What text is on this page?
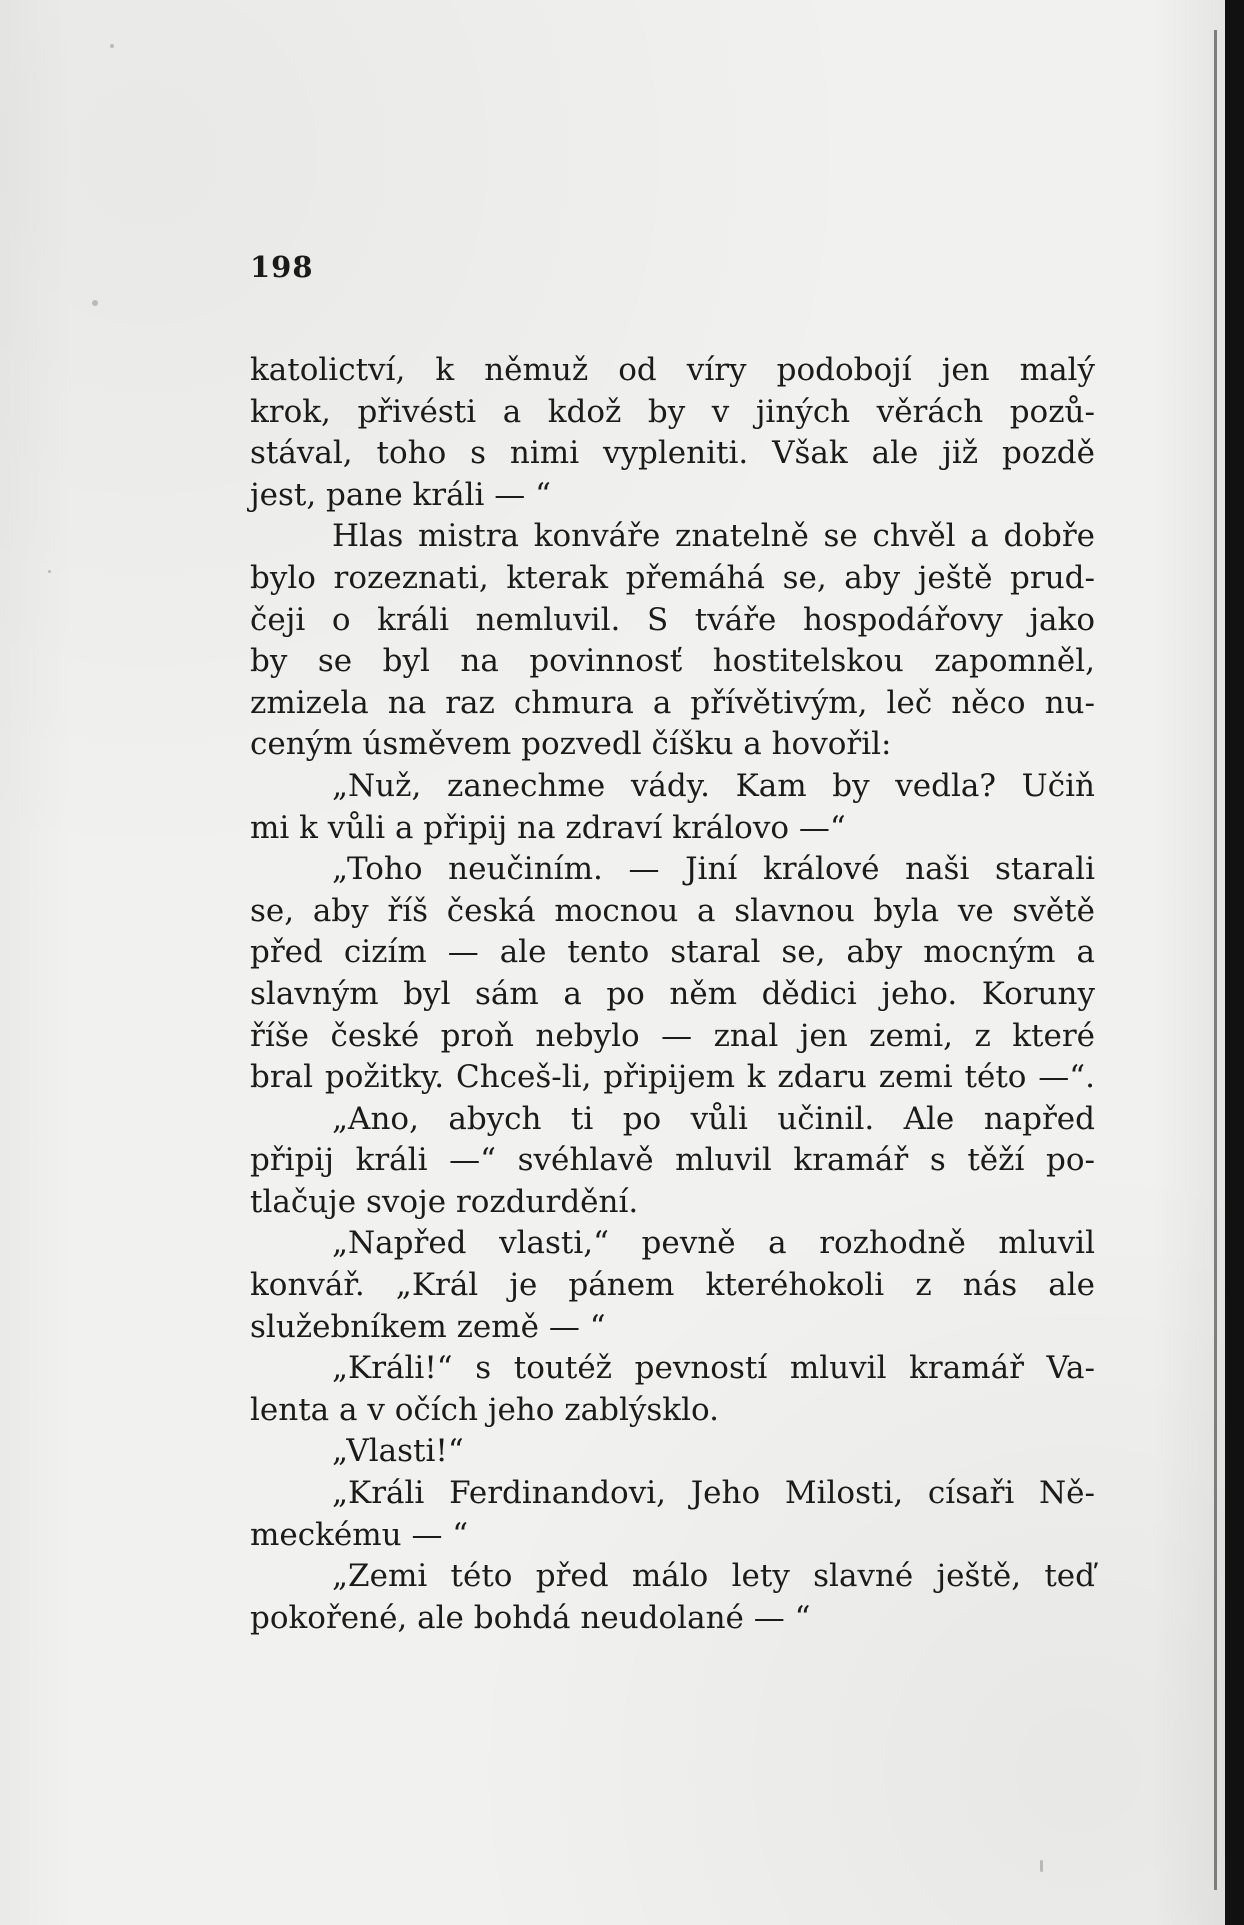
198
katolictví, k němuž od víry podobojí jen malý
krok, přivésti a kdož by v jiných věrách pozů-
stával, toho s nimi vypleniti. Však ale již pozdě
jest, pane králi — “
Hlas mistra konváře znatelně se chvěl a dobře
bylo rozeznati, kterak přemáhá se, aby ještě prud-
čeji o králi nemluvil. S tváře hospodářovy jako
by se byl na povinnosť hostitelskou zapomněl,
zmizela na raz chmura a přívětivým, leč něco nu-
ceným úsměvem pozvedl číšku a hovořil:
„Nuž, zanechme vády. Kam by vedla? Učiň
mi k vůli a připij na zdraví královo —“
„Toho neučiním. — Jiní králové naši starali
se, aby říš česká mocnou a slavnou byla ve světě
před cizím — ale tento staral se, aby mocným a
slavným byl sám a po něm dědici jeho. Koruny
říše české proň nebylo — znal jen zemi, z které
bral požitky. Chceš-li, připijem k zdaru zemi této —“.
„Ano, abych ti po vůli učinil. Ale napřed
připij králi —“ svéhlavě mluvil kramář s těží po-
tlačuje svoje rozdurdění.
„Napřed vlasti,“ pevně a rozhodně mluvil
konvář. „Král je pánem kteréhokoli z nás ale
služebníkem země — “
„Králi!“ s toutéž pevností mluvil kramář Va-
lenta a v očích jeho zablýsklo.
„Vlasti!“
„Králi Ferdinandovi, Jeho Milosti, císaři Ně-
meckému — “
„Zemi této před málo lety slavné ještě, teď
pokořené, ale bohdá neudolané — “
